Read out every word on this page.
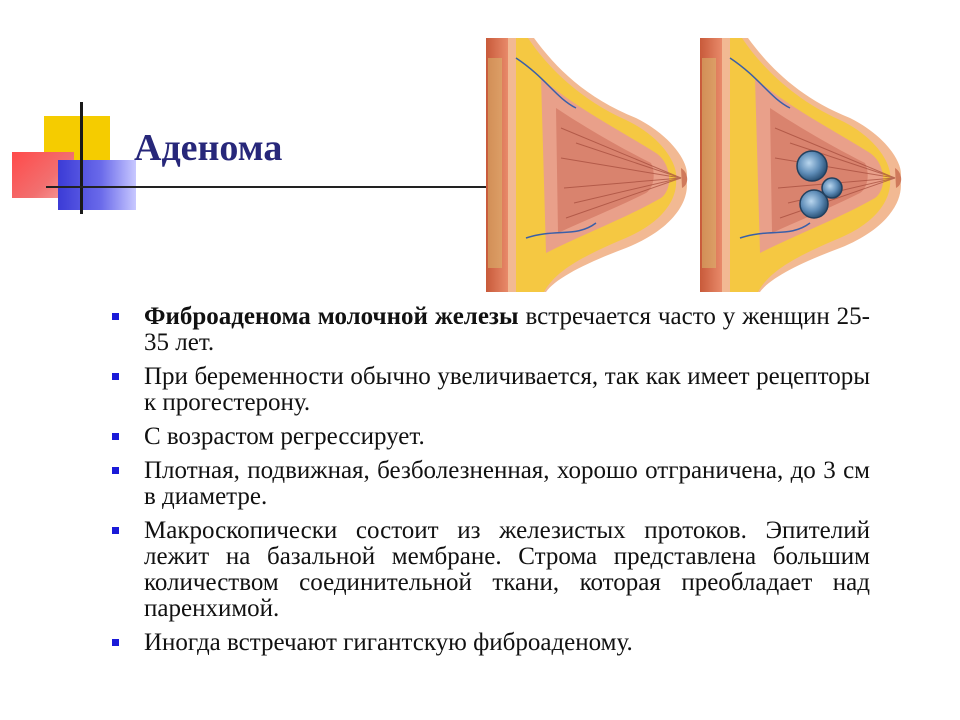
Аденома
Фиброаденома молочной железы встречается часто у женщин 25- 35 лет.
При беременности обычно увеличивается, так как имеет рецепторы к прогестерону.
С возрастом регрессирует.
Плотная, подвижная, безболезненная, хорошо отграничена, до 3 см в диаметре.
Макроскопически состоит из железистых протоков. Эпителий лежит на базальной мембране. Строма представлена большим количеством соединительной ткани, которая преобладает над паренхимой.
Иногда встречают гигантскую фиброаденому.
